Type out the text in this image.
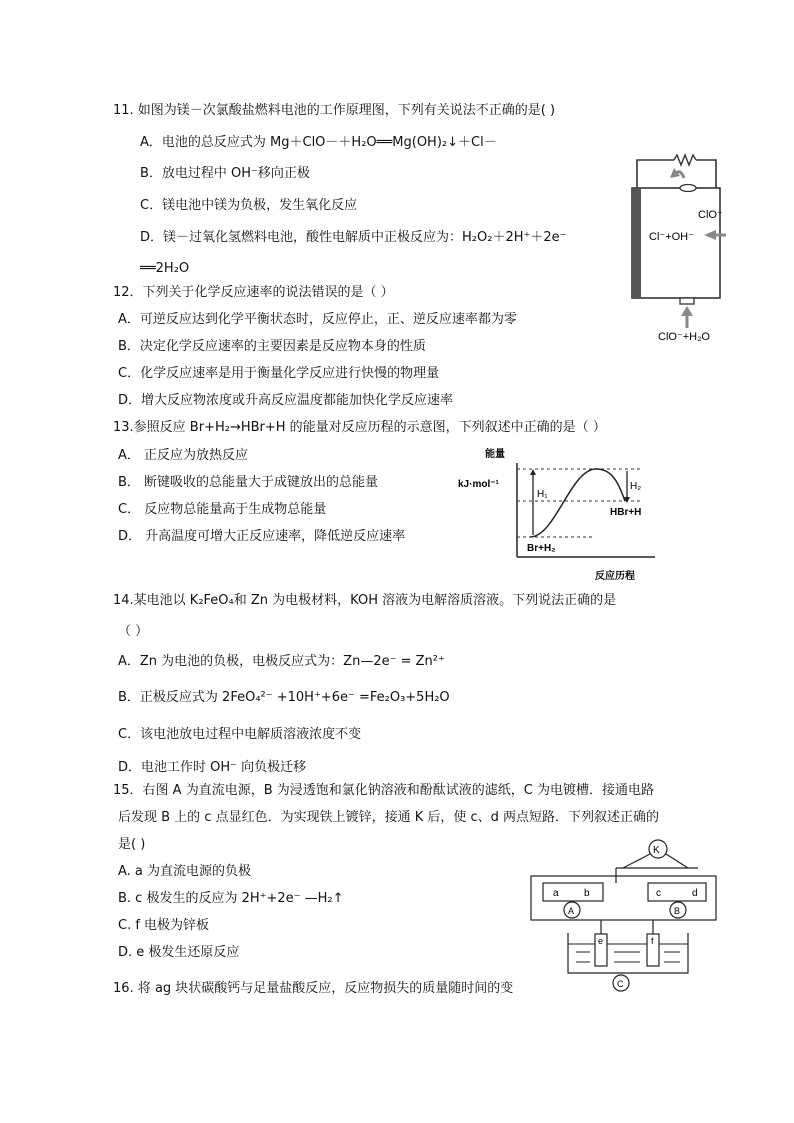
11. 如图为镁－次氯酸盐燃料电池的工作原理图，下列有关说法不正确的是( )
A．电池的总反应式为 Mg＋ClO－＋H₂O══Mg(OH)₂↓＋Cl－
B．放电过程中 OH⁻移向正极
C．镁电池中镁为负极，发生氧化反应
D．镁－过氧化氢燃料电池，酸性电解质中正极反应为：H₂O₂＋2H⁺＋2e⁻
══2H₂O
ClO⁻
Cl⁻+OH⁻
ClO⁻+H₂O
12．下列关于化学反应速率的说法错误的是（ ）
A．可逆反应达到化学平衡状态时，反应停止，正、逆反应速率都为零
B．决定化学反应速率的主要因素是反应物本身的性质
C．化学反应速率是用于衡量化学反应进行快慢的物理量
D．增大反应物浓度或升高反应温度都能加快化学反应速率
13.参照反应 Br+H₂→HBr+H 的能量对反应历程的示意图，下列叙述中正确的是（ ）
A． 正反应为放热反应
B． 断键吸收的总能量大于成键放出的总能量
C． 反应物总能量高于生成物总能量
D． 升高温度可增大正反应速率，降低逆反应速率
能量
kJ·mol⁻¹
H₁
H₂
HBr+H
Br+H₂
反应历程
14.某电池以 K₂FeO₄和 Zn 为电极材料，KOH 溶液为电解溶质溶液。下列说法正确的是
（ ）
A．Zn 为电池的负极，电极反应式为：Zn—2e⁻ = Zn²⁺
B．正极反应式为 2FeO₄²⁻ +10H⁺+6e⁻ =Fe₂O₃+5H₂O
C．该电池放电过程中电解质溶液浓度不变
D．电池工作时 OH⁻ 向负极迁移
15．右图 A 为直流电源，B 为浸透饱和氯化钠溶液和酚酞试液的滤纸，C 为电镀槽．接通电路
后发现 B 上的 c 点显红色．为实现铁上镀锌，接通 K 后，使 c、d 两点短路．下列叙述正确的
是( )
A. a 为直流电源的负极
B. c 极发生的反应为 2H⁺+2e⁻ —H₂↑
C. f 电极为锌板
D. e 极发生还原反应
K
a	b	c	d
A	B
e	f
C
16. 将 ag 块状碳酸钙与足量盐酸反应，反应物损失的质量随时间的变
